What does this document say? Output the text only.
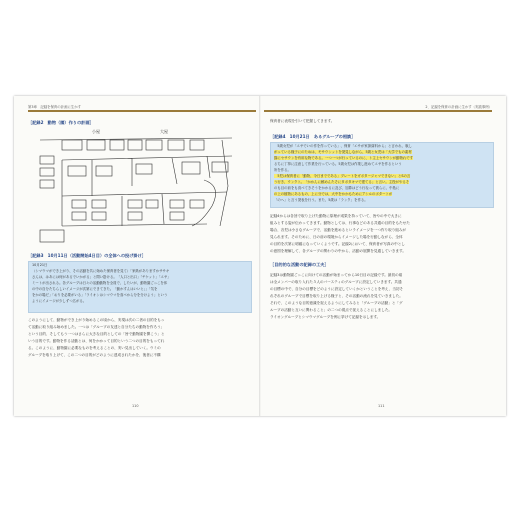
第3章　記録を保育の計画に生かす
［記録2　動物（園）作りの計画］
小屋	大屋
［記録3　10月11日（活動開始4日目）の全体への投げ掛け］
10月21日
（シマウマができ上がり、その活動を共に始めた保育者を見て）「家紙がありますかササキ
さんは、はあには何があるでいかがる」と問い掛ける。「人口と出口」「チケット」「エサ」
ミートが出される。各グループは日々の活動動物を全員で、したいが、動物園ごっこを体
の中の自分たちらしいイメージが次第にできてきた。「動かすんはいいと」」「気を
をかの場だ」「おりを必要がいる」「ライオンはシマウマを食べから分を分けよう」という
ようにイメージが少しずつ広がる。
このようにして、動物ができ上がり始めるこの頃から、実現は次の二者の目的をもっ
て活動に取り組み始めました。一つは「グループの友達と自分たちの動物を作ろう」
という目的、そしてもう一つはさらに大きな目的としての「皆で動物園を開こう」と
いう目的です。動物を作る活動とは、何をかかって目的という二つの目的をもってれ
る。このように、動物園に必要なものを考えることの、実い見出していく。ウミの
グループを取り上げて、この二つの目的がどのように達成されたかを、後者に不構
110
2．記録を保育の計画に生かす（実践事例）
保育者に表現を引いて把握してきます。
［記録4　10月21日　あるグループの相談］
　5歳女児が「エサでいの作を作っている」、保育「エサが家探資料から」と言われ、駄し
がっている様子にのためは、モサウンットを発見しながら、5歳と女児は「大学でもの素材
猫にセサウンを有用な物である。一つ一つが行っているのに、ト主上セサウンが動物れです
るちに丁寧に注意して作業を行っている。5歳女児は作業し進めてエサを作るという
所を作る。
　5児は保育者に「動物、今日までである」プレートをガボタージャマできない」とSの言
う行き、ウンクト。「かかんに頼めんたそにタボタキマで建てる」と言い。主役がやるそ
のも目の前をも食べてきそうをかかるに及び、加算はどう行なって彼らに、中島に
の上の植物にあるもの、上に分では、大中をかかもためにアシルのボタートが
「のへ」と言う発表を行う。また、5歳は「ランク」を作る。
記録4からは各回で取り上げた動物に原理が成果を持っていて、皆やの中で大きに
組みとする姿が伝わってきます。動物としては、行事などのある共通の目的をもたせた
場合、各児は小さなグループで、活動を進めるといライメージを一つ作り取り組みが
見られます。そのために、日の前の環境からイメージした場を行動しながら、全体
の目的を次第に明確になっていくようです。記録2において、保育者が写真の中とし
の意図を理解して、各グループの関わりの中から、活動の展開を見通していきます。
［目的的な活動の記録の工夫］
記録3は動物園ごっこに向けての活動が始まってから10日目の記録です。最初の頃
は全メンバーの取り入れた５人のバースティのグループに設定していきます。共通
の目標の中で、自分の目標をどのように設定していくかということを考え、当初そ
れぞれのグループで目標を取り上げる様子と、その活動の流れを見ていきました。
それで、このような目的意識を捉えるようにしてみると「グループの活動」と「グ
ループの活動と互いに関わること」の二つの視点で捉えることにしました。
ライオングループとシマウマグループを例に挙げて記録を示します。
111
